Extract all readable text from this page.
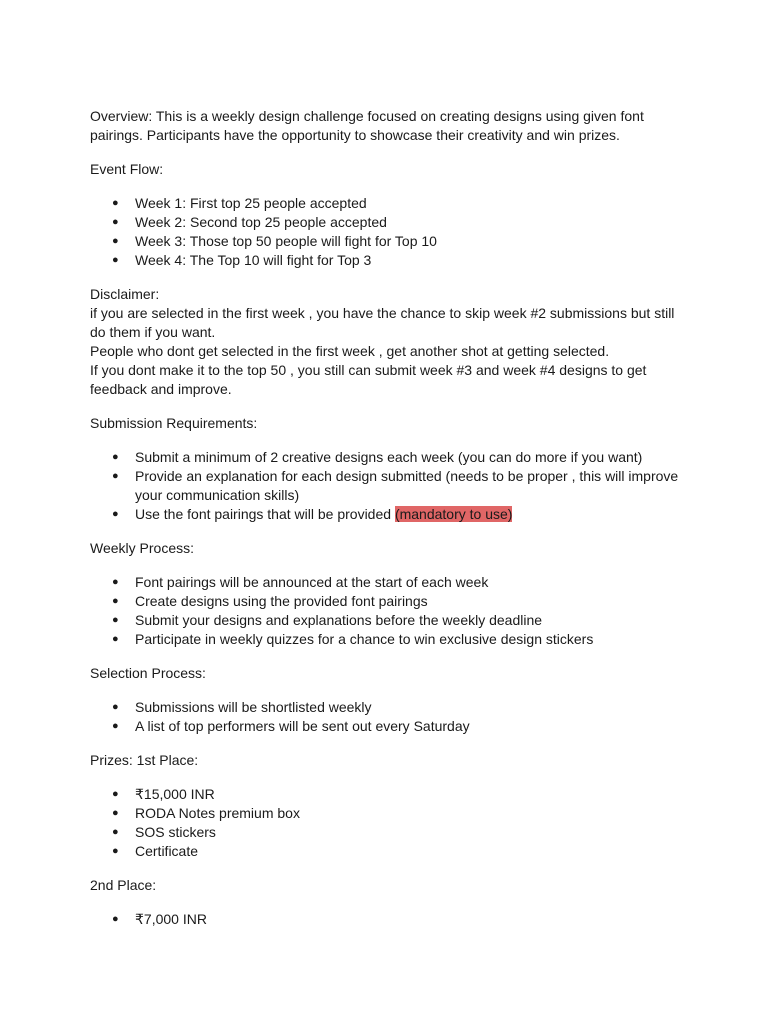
Overview: This is a weekly design challenge focused on creating designs using given font pairings. Participants have the opportunity to showcase their creativity and win prizes.

Event Flow:

● Week 1: First top 25 people accepted
● Week 2: Second top 25 people accepted
● Week 3: Those top 50 people will fight for Top 10
● Week 4: The Top 10 will fight for Top 3

Disclaimer:

if you are selected in the first week , you have the chance to skip week #2 submissions but still do them if you want.

People who dont get selected in the first week , get another shot at getting selected.

If you dont make it to the top 50 , you still can submit week #3 and week #4 designs to get feedback and improve.

Submission Requirements:

● Submit a minimum of 2 creative designs each week (you can do more if you want)
● Provide an explanation for each design submitted (needs to be proper , this will improve your communication skills)
● Use the font pairings that will be provided (mandatory to use)

Weekly Process:

● Font pairings will be announced at the start of each week
● Create designs using the provided font pairings
● Submit your designs and explanations before the weekly deadline
● Participate in weekly quizzes for a chance to win exclusive design stickers

Selection Process:

● Submissions will be shortlisted weekly
● A list of top performers will be sent out every Saturday

Prizes: 1st Place:

● ₹15,000 INR
● RODA Notes premium box
● SOS stickers
● Certificate

2nd Place:

● ₹7,000 INR
